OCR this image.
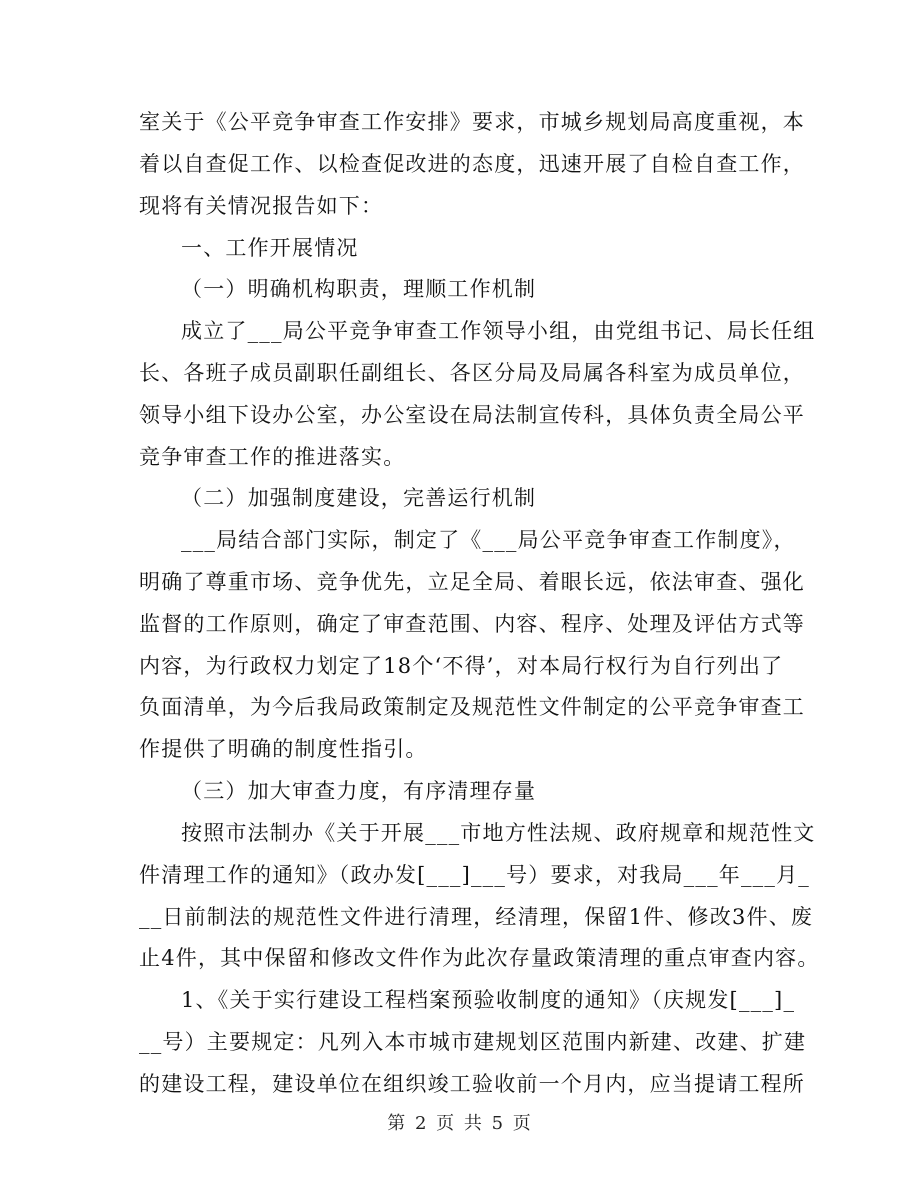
室关于《公平竞争审查工作安排》要求，市城乡规划局高度重视，本
着以自查促工作、以检查促改进的态度，迅速开展了自检自查工作，
现将有关情况报告如下：
一、工作开展情况
（一）明确机构职责，理顺工作机制
成立了___局公平竞争审查工作领导小组，由党组书记、局长任组
长、各班子成员副职任副组长、各区分局及局属各科室为成员单位，
领导小组下设办公室，办公室设在局法制宣传科，具体负责全局公平
竞争审查工作的推进落实。
（二）加强制度建设，完善运行机制
___局结合部门实际，制定了《___局公平竞争审查工作制度》，
明确了尊重市场、竞争优先，立足全局、着眼长远，依法审查、强化
监督的工作原则，确定了审查范围、内容、程序、处理及评估方式等
内容，为行政权力划定了18个‘不得’，对本局行权行为自行列出了
负面清单，为今后我局政策制定及规范性文件制定的公平竞争审查工
作提供了明确的制度性指引。
（三）加大审查力度，有序清理存量
按照市法制办《关于开展___市地方性法规、政府规章和规范性文
件清理工作的通知》（政办发[___]___号）要求，对我局___年___月_
__日前制法的规范性文件进行清理，经清理，保留1件、修改3件、废
止4件，其中保留和修改文件作为此次存量政策清理的重点审查内容。
1、《关于实行建设工程档案预验收制度的通知》（庆规发[___]_
__号）主要规定：凡列入本市城市建规划区范围内新建、改建、扩建
的建设工程，建设单位在组织竣工验收前一个月内，应当提请工程所
第 2 页 共 5 页
